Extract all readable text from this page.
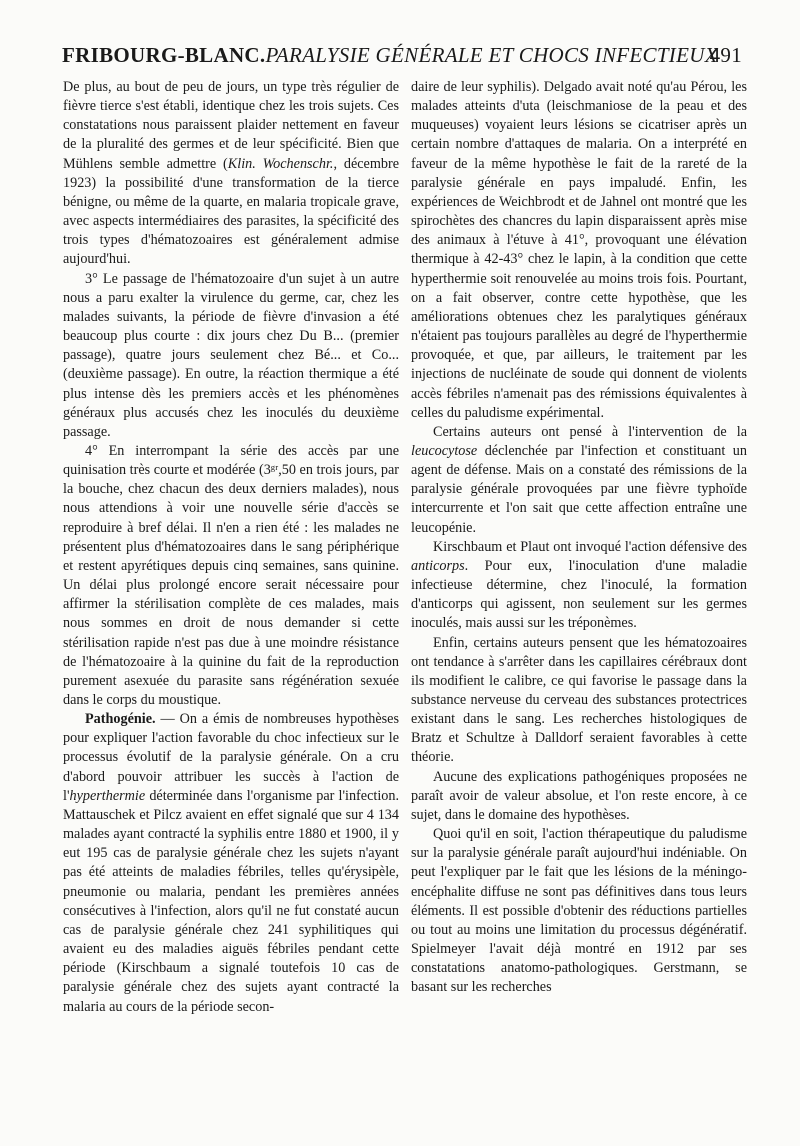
FRIBOURG-BLANC.PARALYSIE GÉNÉRALE ET CHOCS INFECTIEUX
491

De plus, au bout de peu de jours, un type très régulier de fièvre tierce s'est établi, identique chez les trois sujets. Ces constatations nous paraissent plaider nettement en faveur de la pluralité des germes et de leur spécificité. Bien que Mühlens semble admettre (Klin. Wochenschr., décembre 1923) la possibilité d'une transformation de la tierce bénigne, ou même de la quarte, en malaria tropicale grave, avec aspects intermédiaires des parasites, la spécificité des trois types d'hématozoaires est généralement admise aujourd'hui.

3° Le passage de l'hématozoaire d'un sujet à un autre nous a paru exalter la virulence du germe, car, chez les malades suivants, la période de fièvre d'invasion a été beaucoup plus courte : dix jours chez Du B... (premier passage), quatre jours seulement chez Bé... et Co... (deuxième passage). En outre, la réaction thermique a été plus intense dès les premiers accès et les phénomènes généraux plus accusés chez les inoculés du deuxième passage.

4° En interrompant la série des accès par une quinisation très courte et modérée (3ᵍʳ,50 en trois jours, par la bouche, chez chacun des deux derniers malades), nous nous attendions à voir une nouvelle série d'accès se reproduire à bref délai. Il n'en a rien été : les malades ne présentent plus d'hématozoaires dans le sang périphérique et restent apyrétiques depuis cinq semaines, sans quinine. Un délai plus prolongé encore serait nécessaire pour affirmer la stérilisation complète de ces malades, mais nous sommes en droit de nous demander si cette stérilisation rapide n'est pas due à une moindre résistance de l'hématozoaire à la quinine du fait de la reproduction purement asexuée du parasite sans régénération sexuée dans le corps du moustique.

Pathogénie. — On a émis de nombreuses hypothèses pour expliquer l'action favorable du choc infectieux sur le processus évolutif de la paralysie générale. On a cru d'abord pouvoir attribuer les succès à l'action de l'hyperthermie déterminée dans l'organisme par l'infection. Mattauschek et Pilcz avaient en effet signalé que sur 4 134 malades ayant contracté la syphilis entre 1880 et 1900, il y eut 195 cas de paralysie générale chez les sujets n'ayant pas été atteints de maladies fébriles, telles qu'érysipèle, pneumonie ou malaria, pendant les premières années consécutives à l'infection, alors qu'il ne fut constaté aucun cas de paralysie générale chez 241 syphilitiques qui avaient eu des maladies aiguës fébriles pendant cette période (Kirschbaum a signalé toutefois 10 cas de paralysie générale chez des sujets ayant contracté la malaria au cours de la période secon-

daire de leur syphilis). Delgado avait noté qu'au Pérou, les malades atteints d'uta (leischmaniose de la peau et des muqueuses) voyaient leurs lésions se cicatriser après un certain nombre d'attaques de malaria. On a interprété en faveur de la même hypothèse le fait de la rareté de la paralysie générale en pays impaludé. Enfin, les expériences de Weichbrodt et de Jahnel ont montré que les spirochètes des chancres du lapin disparaissent après mise des animaux à l'étuve à 41°, provoquant une élévation thermique à 42-43° chez le lapin, à la condition que cette hyperthermie soit renouvelée au moins trois fois. Pourtant, on a fait observer, contre cette hypothèse, que les améliorations obtenues chez les paralytiques généraux n'étaient pas toujours parallèles au degré de l'hyperthermie provoquée, et que, par ailleurs, le traitement par les injections de nucléinate de soude qui donnent de violents accès fébriles n'amenait pas des rémissions équivalentes à celles du paludisme expérimental.

Certains auteurs ont pensé à l'intervention de la leucocytose déclenchée par l'infection et constituant un agent de défense. Mais on a constaté des rémissions de la paralysie générale provoquées par une fièvre typhoïde intercurrente et l'on sait que cette affection entraîne une leucopénie.

Kirschbaum et Plaut ont invoqué l'action défensive des anticorps. Pour eux, l'inoculation d'une maladie infectieuse détermine, chez l'inoculé, la formation d'anticorps qui agissent, non seulement sur les germes inoculés, mais aussi sur les tréponèmes.

Enfin, certains auteurs pensent que les hématozoaires ont tendance à s'arrêter dans les capillaires cérébraux dont ils modifient le calibre, ce qui favorise le passage dans la substance nerveuse du cerveau des substances protectrices existant dans le sang. Les recherches histologiques de Bratz et Schultze à Dalldorf seraient favorables à cette théorie.

Aucune des explications pathogéniques proposées ne paraît avoir de valeur absolue, et l'on reste encore, à ce sujet, dans le domaine des hypothèses.

Quoi qu'il en soit, l'action thérapeutique du paludisme sur la paralysie générale paraît aujourd'hui indéniable. On peut l'expliquer par le fait que les lésions de la méningo-encéphalite diffuse ne sont pas définitives dans tous leurs éléments. Il est possible d'obtenir des réductions partielles ou tout au moins une limitation du processus dégénératif. Spielmeyer l'avait déjà montré en 1912 par ses constatations anatomo-pathologiques. Gerstmann, se basant sur les recherches
